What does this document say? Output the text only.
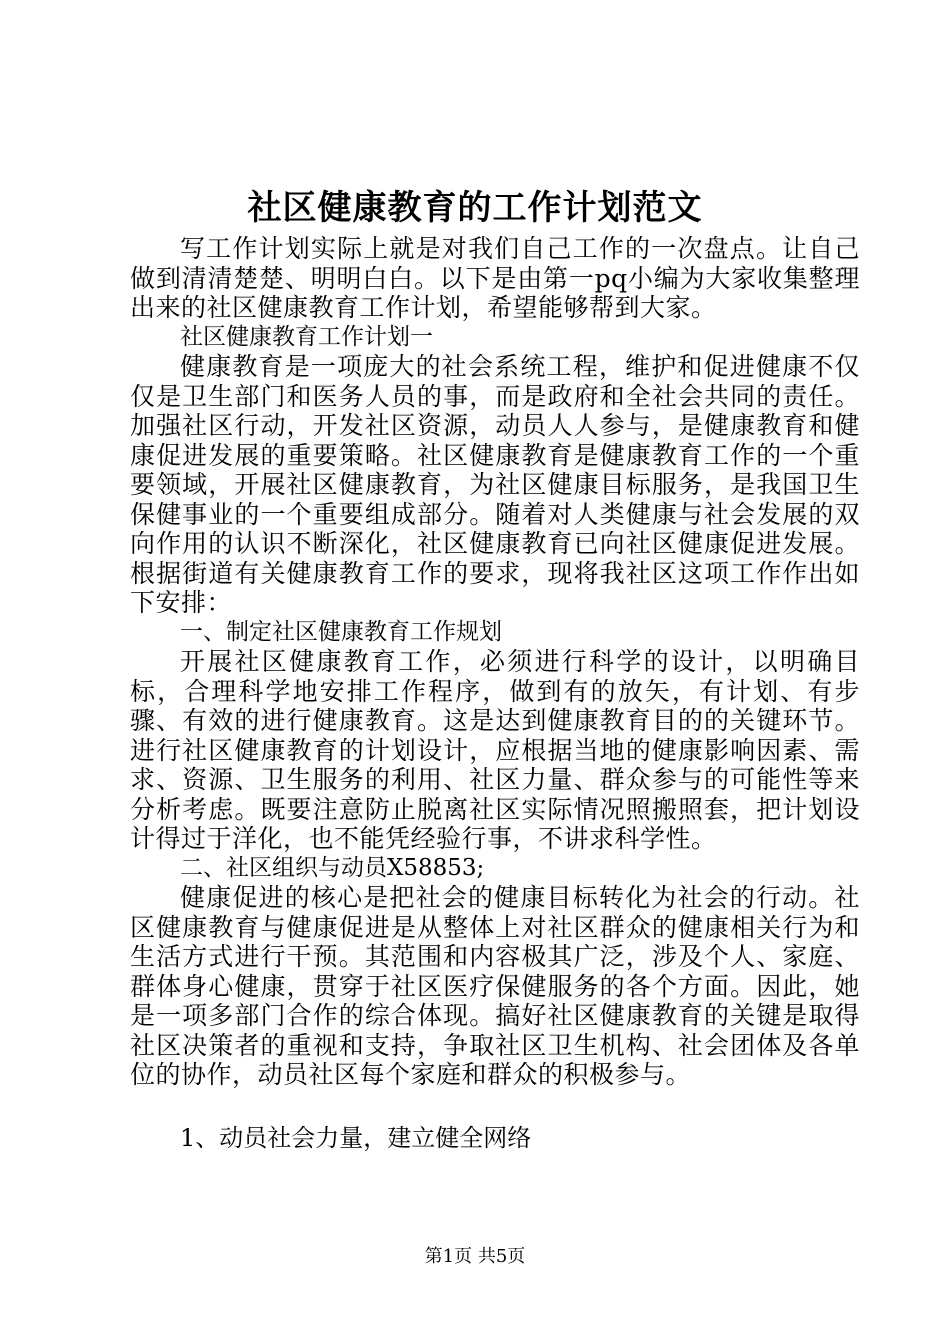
社区健康教育的工作计划范文

写工作计划实际上就是对我们自己工作的一次盘点。让自己做到清清楚楚、明明白白。以下是由第一pq小编为大家收集整理出来的社区健康教育工作计划，希望能够帮到大家。

社区健康教育工作计划一

健康教育是一项庞大的社会系统工程，维护和促进健康不仅仅是卫生部门和医务人员的事，而是政府和全社会共同的责任。加强社区行动，开发社区资源，动员人人参与，是健康教育和健康促进发展的重要策略。社区健康教育是健康教育工作的一个重要领域，开展社区健康教育，为社区健康目标服务，是我国卫生保健事业的一个重要组成部分。随着对人类健康与社会发展的双向作用的认识不断深化，社区健康教育已向社区健康促进发展。根据街道有关健康教育工作的要求，现将我社区这项工作作出如下安排：

一、制定社区健康教育工作规划

开展社区健康教育工作，必须进行科学的设计，以明确目标，合理科学地安排工作程序，做到有的放矢，有计划、有步骤、有效的进行健康教育。这是达到健康教育目的的关键环节。进行社区健康教育的计划设计，应根据当地的健康影响因素、需求、资源、卫生服务的利用、社区力量、群众参与的可能性等来分析考虑。既要注意防止脱离社区实际情况照搬照套，把计划设计得过于洋化，也不能凭经验行事，不讲求科学性。

二、社区组织与动员X58853;

健康促进的核心是把社会的健康目标转化为社会的行动。社区健康教育与健康促进是从整体上对社区群众的健康相关行为和生活方式进行干预。其范围和内容极其广泛，涉及个人、家庭、群体身心健康，贯穿于社区医疗保健服务的各个方面。因此，她是一项多部门合作的综合体现。搞好社区健康教育的关键是取得社区决策者的重视和支持，争取社区卫生机构、社会团体及各单位的协作，动员社区每个家庭和群众的积极参与。

1、动员社会力量，建立健全网络
第1页 共5页
